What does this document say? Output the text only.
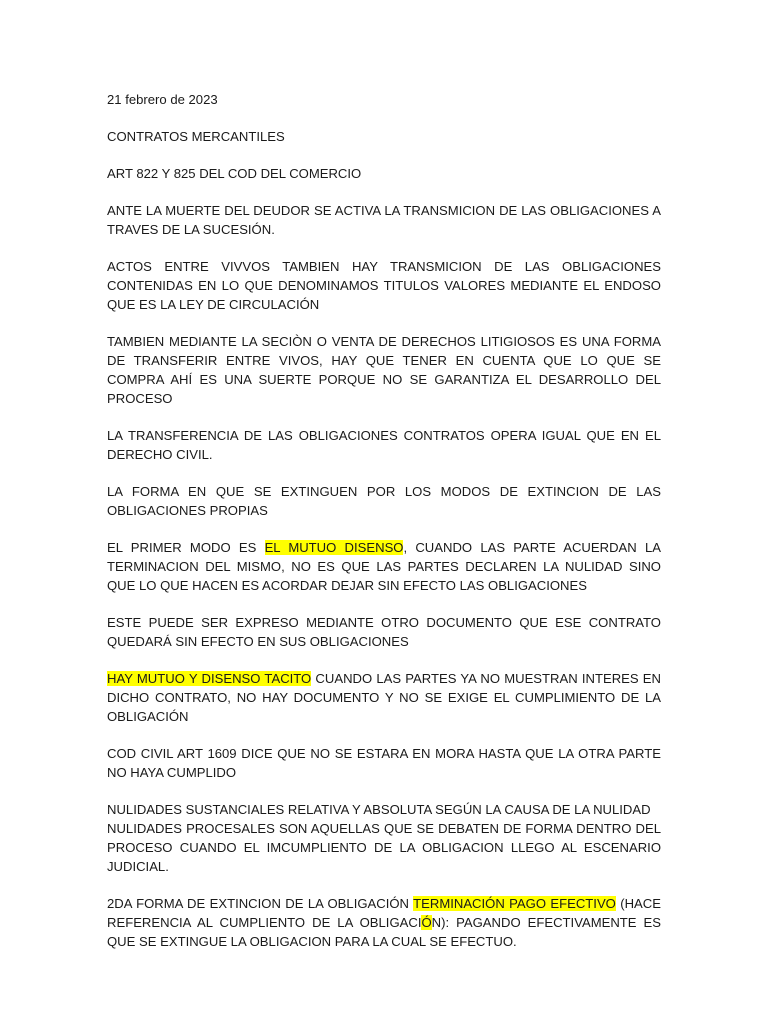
21 febrero de 2023

CONTRATOS MERCANTILES

ART 822 Y 825 DEL COD DEL COMERCIO

ANTE LA MUERTE DEL DEUDOR SE ACTIVA LA TRANSMICION DE LAS OBLIGACIONES A TRAVES DE LA SUCESIÓN.

ACTOS ENTRE VIVVOS TAMBIEN HAY TRANSMICION DE LAS OBLIGACIONES CONTENIDAS EN LO QUE DENOMINAMOS TITULOS VALORES MEDIANTE EL ENDOSO QUE ES LA LEY DE CIRCULACIÓN

TAMBIEN MEDIANTE LA SECIÒN O VENTA DE DERECHOS LITIGIOSOS ES UNA FORMA DE TRANSFERIR ENTRE VIVOS, HAY QUE TENER EN CUENTA QUE LO QUE SE COMPRA AHÍ ES UNA SUERTE PORQUE NO SE GARANTIZA EL DESARROLLO DEL PROCESO

LA TRANSFERENCIA DE LAS OBLIGACIONES CONTRATOS OPERA IGUAL QUE EN EL DERECHO CIVIL.

LA FORMA EN QUE SE EXTINGUEN POR LOS MODOS DE EXTINCION DE LAS OBLIGACIONES PROPIAS

EL PRIMER MODO ES EL MUTUO DISENSO, CUANDO LAS PARTE ACUERDAN LA TERMINACION DEL MISMO, NO ES QUE LAS PARTES DECLAREN LA NULIDAD SINO QUE LO QUE HACEN ES ACORDAR DEJAR SIN EFECTO LAS OBLIGACIONES

ESTE PUEDE SER EXPRESO MEDIANTE OTRO DOCUMENTO QUE ESE CONTRATO QUEDARÁ SIN EFECTO EN SUS OBLIGACIONES

HAY MUTUO Y DISENSO TACITO CUANDO LAS PARTES YA NO MUESTRAN INTERES EN DICHO CONTRATO, NO HAY DOCUMENTO Y NO SE EXIGE EL CUMPLIMIENTO DE LA OBLIGACIÓN

COD CIVIL ART 1609 DICE QUE NO SE ESTARA EN MORA HASTA QUE LA OTRA PARTE NO HAYA CUMPLIDO

NULIDADES SUSTANCIALES RELATIVA Y ABSOLUTA SEGÚN LA CAUSA DE LA NULIDAD
NULIDADES PROCESALES SON AQUELLAS QUE SE DEBATEN DE FORMA DENTRO DEL PROCESO CUANDO EL IMCUMPLIENTO DE LA OBLIGACION LLEGO AL ESCENARIO JUDICIAL.

2DA FORMA DE EXTINCION DE LA OBLIGACIÓN TERMINACIÓN PAGO EFECTIVO (HACE REFERENCIA AL CUMPLIENTO DE LA OBLIGACIÓN): PAGANDO EFECTIVAMENTE ES QUE SE EXTINGUE LA OBLIGACION PARA LA CUAL SE EFECTUO.
